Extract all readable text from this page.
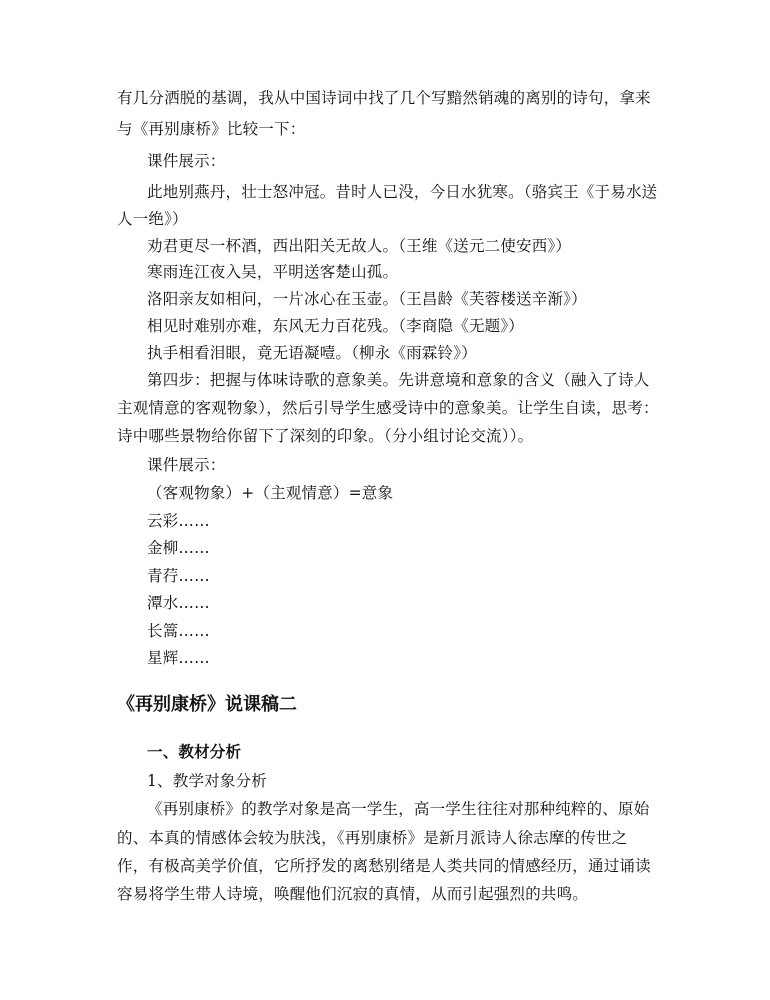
有几分洒脱的基调，我从中国诗词中找了几个写黯然销魂的离别的诗句，拿来
与《再别康桥》比较一下：
课件展示：
此地别燕丹，壮士怒冲冠。昔时人已没，今日水犹寒。（骆宾王《于易水送
人一绝》）
劝君更尽一杯酒，西出阳关无故人。（王维《送元二使安西》）
寒雨连江夜入吴，平明送客楚山孤。
洛阳亲友如相问，一片冰心在玉壶。（王昌龄《芙蓉楼送辛渐》）
相见时难别亦难，东风无力百花残。（李商隐《无题》）
执手相看泪眼，竟无语凝噎。（柳永《雨霖铃》）
第四步：把握与体味诗歌的意象美。先讲意境和意象的含义（融入了诗人
主观情意的客观物象），然后引导学生感受诗中的意象美。让学生自读，思考：
诗中哪些景物给你留下了深刻的印象。（分小组讨论交流））。
课件展示：
（客观物象）+（主观情意）=意象
云彩……
金柳……
青荇……
潭水……
长篙……
星辉……
《再别康桥》说课稿二
一、教材分析
1、教学对象分析
《再别康桥》的教学对象是高一学生，高一学生往往对那种纯粹的、原始
的、本真的情感体会较为肤浅，《再别康桥》是新月派诗人徐志摩的传世之
作，有极高美学价值，它所抒发的离愁别绪是人类共同的情感经历，通过诵读
容易将学生带人诗境，唤醒他们沉寂的真情，从而引起强烈的共鸣。
